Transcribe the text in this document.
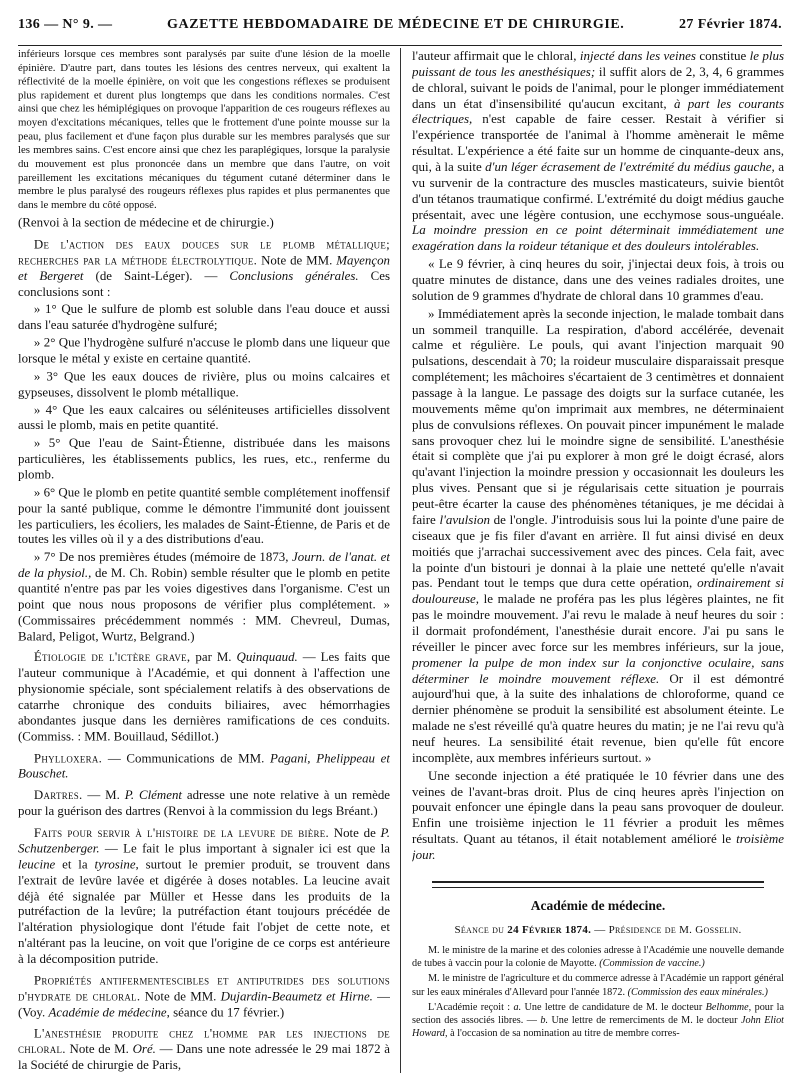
136 — N° 9. —	GAZETTE HEBDOMADAIRE DE MÉDECINE ET DE CHIRURGIE.	27 Février 1874.

inférieurs lorsque ces membres sont paralysés par suite d'une lésion de la moelle épinière. D'autre part, dans toutes les lésions des centres nerveux, qui exaltent la réflectivité de la moelle épinière, on voit que les congestions réflexes se produisent plus rapidement et durent plus longtemps que dans les conditions normales. C'est ainsi que chez les hémiplégiques on provoque l'apparition de ces rougeurs réflexes au moyen d'excitations mécaniques, telles que le frottement d'une pointe mousse sur la peau, plus facilement et d'une façon plus durable sur les membres paralysés que sur les membres sains. C'est encore ainsi que chez les paraplégiques, lorsque la paralysie du mouvement est plus prononcée dans un membre que dans l'autre, on voit pareillement les excitations mécaniques du tégument cutané déterminer dans le membre le plus paralysé des rougeurs réflexes plus rapides et plus permanentes que dans le membre du côté opposé.

(Renvoi à la section de médecine et de chirurgie.)

De l'action des eaux douces sur le plomb métallique; recherches par la méthode électrolytique. Note de MM. Mayençon et Bergeret (de Saint-Léger). — Conclusions générales. Ces conclusions sont :

» 1° Que le sulfure de plomb est soluble dans l'eau douce et aussi dans l'eau saturée d'hydrogène sulfuré;

» 2° Que l'hydrogène sulfuré n'accuse le plomb dans une liqueur que lorsque le métal y existe en certaine quantité.

» 3° Que les eaux douces de rivière, plus ou moins calcaires et gypseuses, dissolvent le plomb métallique.

» 4° Que les eaux calcaires ou séléniteuses artificielles dissolvent aussi le plomb, mais en petite quantité.

» 5° Que l'eau de Saint-Étienne, distribuée dans les maisons particulières, les établissements publics, les rues, etc., renferme du plomb.

» 6° Que le plomb en petite quantité semble complétement inoffensif pour la santé publique, comme le démontre l'immunité dont jouissent les particuliers, les écoliers, les malades de Saint-Étienne, de Paris et de toutes les villes où il y a des distributions d'eau.

» 7° De nos premières études (mémoire de 1873, Journ. de l'anat. et de la physiol., de M. Ch. Robin) semble résulter que le plomb en petite quantité n'entre pas par les voies digestives dans l'organisme. C'est un point que nous nous proposons de vérifier plus complétement. » (Commissaires précédemment nommés : MM. Chevreul, Dumas, Balard, Peligot, Wurtz, Belgrand.)

Étiologie de l'ictère grave, par M. Quinquaud. — Les faits que l'auteur communique à l'Académie, et qui donnent à l'affection une physionomie spéciale, sont spécialement relatifs à des observations de catarrhe chronique des conduits biliaires, avec hémorrhagies abondantes jusque dans les dernières ramifications de ces conduits. (Commiss. : MM. Bouillaud, Sédillot.)

Phylloxera. — Communications de MM. Pagani, Phelippeau et Bouschet.

Dartres. — M. P. Clément adresse une note relative à un remède pour la guérison des dartres (Renvoi à la commission du legs Bréant.)

Faits pour servir à l'histoire de la levure de bière. Note de P. Schutzenberger. — Le fait le plus important à signaler ici est que la leucine et la tyrosine, surtout le premier produit, se trouvent dans l'extrait de levûre lavée et digérée à doses notables. La leucine avait déjà été signalée par Müller et Hesse dans les produits de la putréfaction de la levûre; la putréfaction étant toujours précédée de l'altération physiologique dont l'étude fait l'objet de cette note, et n'altérant pas la leucine, on voit que l'origine de ce corps est antérieure à la décomposition putride.

Propriétés antifermentescibles et antiputrides des solutions d'hydrate de chloral. Note de MM. Dujardin-Beaumetz et Hirne. — (Voy. Académie de médecine, séance du 17 février.)

L'anesthésie produite chez l'homme par les injections de chloral. Note de M. Oré. — Dans une note adressée le 29 mai 1872 à la Société de chirurgie de Paris,

l'auteur affirmait que le chloral, injecté dans les veines constitue le plus puissant de tous les anesthésiques; il suffit alors de 2, 3, 4, 6 grammes de chloral, suivant le poids de l'animal, pour le plonger immédiatement dans un état d'insensibilité qu'aucun excitant, à part les courants électriques, n'est capable de faire cesser. Restait à vérifier si l'expérience transportée de l'animal à l'homme amènerait le même résultat. L'expérience a été faite sur un homme de cinquante-deux ans, qui, à la suite d'un léger écrasement de l'extrémité du médius gauche, a vu survenir de la contracture des muscles masticateurs, suivie bientôt d'un tétanos traumatique confirmé. L'extrémité du doigt médius gauche présentait, avec une légère contusion, une ecchymose sous-unguéale. La moindre pression en ce point déterminait immédiatement une exagération dans la roideur tétanique et des douleurs intolérables.

« Le 9 février, à cinq heures du soir, j'injectai deux fois, à trois ou quatre minutes de distance, dans une des veines radiales droites, une solution de 9 grammes d'hydrate de chloral dans 10 grammes d'eau.

» Immédiatement après la seconde injection, le malade tombait dans un sommeil tranquille. La respiration, d'abord accélérée, devenait calme et régulière. Le pouls, qui avant l'injection marquait 90 pulsations, descendait à 70; la roideur musculaire disparaissait presque complétement; les mâchoires s'écartaient de 3 centimètres et donnaient passage à la langue. Le passage des doigts sur la surface cutanée, les mouvements même qu'on imprimait aux membres, ne déterminaient plus de convulsions réflexes. On pouvait pincer impunément le malade sans provoquer chez lui le moindre signe de sensibilité. L'anesthésie était si complète que j'ai pu explorer à mon gré le doigt écrasé, alors qu'avant l'injection la moindre pression y occasionnait les douleurs les plus vives. Pensant que si je régularisais cette situation je pourrais peut-être écarter la cause des phénomènes tétaniques, je me décidai à faire l'avulsion de l'ongle. J'introduisis sous lui la pointe d'une paire de ciseaux que je fis filer d'avant en arrière. Il fut ainsi divisé en deux moitiés que j'arrachai successivement avec des pinces. Cela fait, avec la pointe d'un bistouri je donnai à la plaie une netteté qu'elle n'avait pas. Pendant tout le temps que dura cette opération, ordinairement si douloureuse, le malade ne proféra pas les plus légères plaintes, ne fit pas le moindre mouvement. J'ai revu le malade à neuf heures du soir : il dormait profondément, l'anesthésie durait encore. J'ai pu sans le réveiller le pincer avec force sur les membres inférieurs, sur la joue, promener la pulpe de mon index sur la conjonctive oculaire, sans déterminer le moindre mouvement réflexe. Or il est démontré aujourd'hui que, à la suite des inhalations de chloroforme, quand ce dernier phénomène se produit la sensibilité est absolument éteinte. Le malade ne s'est réveillé qu'à quatre heures du matin; je ne l'ai revu qu'à neuf heures. La sensibilité était revenue, bien qu'elle fût encore incomplète, aux membres inférieurs surtout. »

Une seconde injection a été pratiquée le 10 février dans une des veines de l'avant-bras droit. Plus de cinq heures après l'injection on pouvait enfoncer une épingle dans la peau sans provoquer de douleur. Enfin une troisième injection le 11 février a produit les mêmes résultats. Quant au tétanos, il était notablement amélioré le troisième jour.

Académie de médecine.
Séance du 24 Février 1874. — Présidence de M. Gosselin.

M. le ministre de la marine et des colonies adresse à l'Académie une nouvelle demande de tubes à vaccin pour la colonie de Mayotte. (Commission de vaccine.)

M. le ministre de l'agriculture et du commerce adresse à l'Académie un rapport général sur les eaux minérales d'Allevard pour l'année 1872. (Commission des eaux minérales.)

L'Académie reçoit : a. Une lettre de candidature de M. le docteur Belhomme, pour la section des associés libres. — b. Une lettre de remerciments de M. le docteur John Eliot Howard, à l'occasion de sa nomination au titre de membre corres-
